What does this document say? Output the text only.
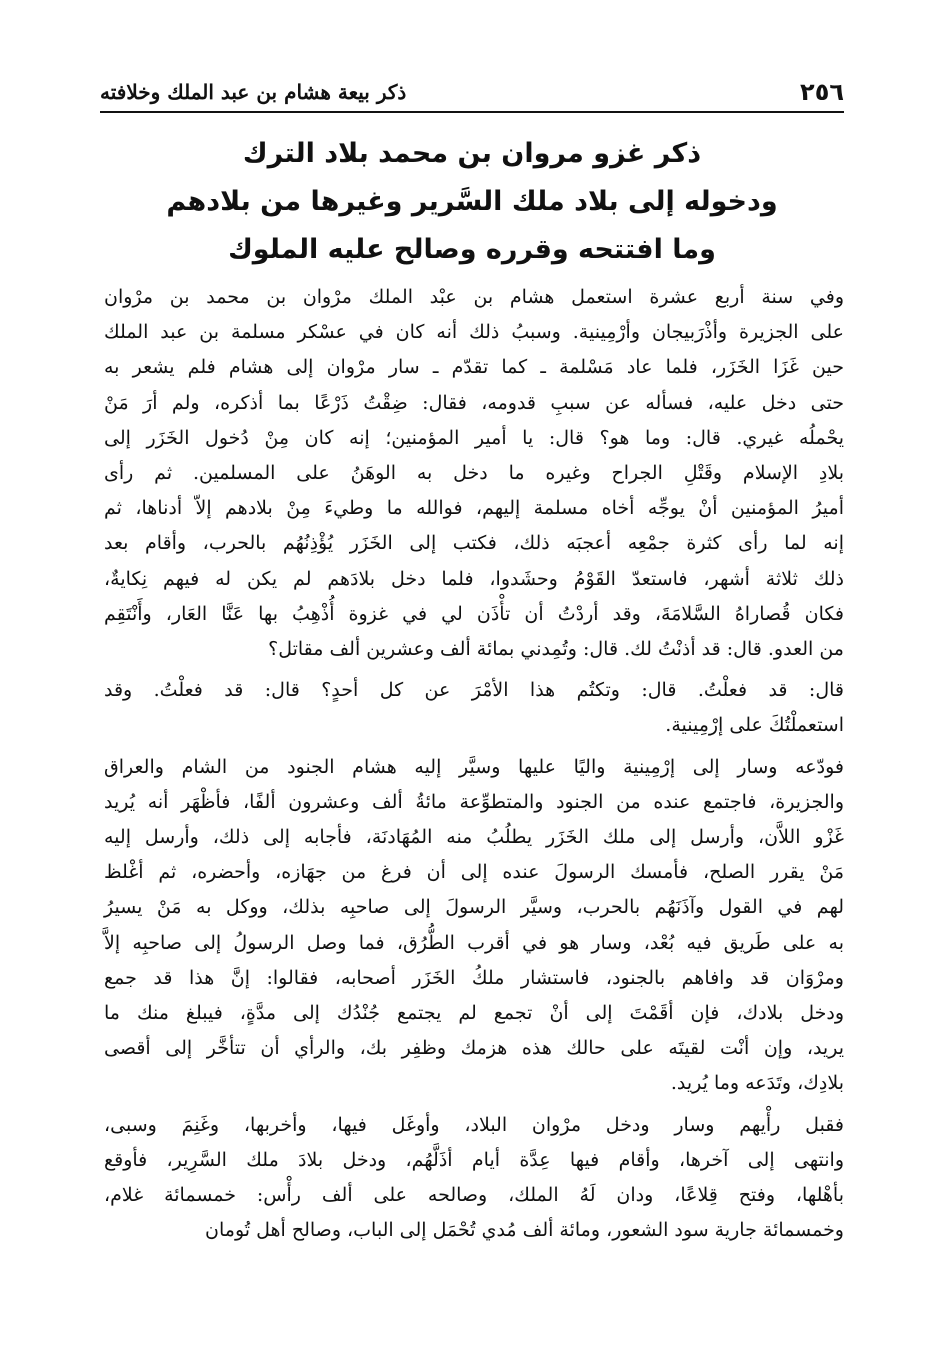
٢٥٦
ذكر بيعة هشام بن عبد الملك وخلافته
ذكر غزو مروان بن محمد بلاد الترك
ودخوله إلى بلاد ملك السَّرير وغيرها من بلادهم
وما افتتحه وقرره وصالح عليه الملوك
وفي سنة أربع عشرة استعمل هشام بن عبْد الملك مرْوان بن محمد بن مرْوان
على الجزيرة وأذْرَبيجان وأرْمِينية. وسببُ ذلك أنه كان في عسْكر مسلمة بن عبد الملك
حين غَزَا الخَزَر، فلما عاد مَسْلمة ـ كما تقدّم ـ سار مرْوان إلى هشام فلم يشعر به
حتى دخل عليه، فسأله عن سببِ قدومه، فقال: ضِقْتُ ذَرْعًا بما أذكره، ولم أرَ مَنْ
يحْملُه غيري. قال: وما هو؟ قال: يا أمير المؤمنين؛ إنه كان مِنْ دُخول الخَزَر إلى
بلادِ الإسلام وقَتْلِ الجراح وغيره ما دخل به الوهَنُ على المسلمين. ثم رأى
أميرُ المؤمنين أنْ يوجِّه أخاه مسلمة إليهم، فوالله ما وطيءَ مِنْ بلادهم إلاّ أدناها، ثم
إنه لما رأى كثرة جمْعِه أعجبَه ذلك، فكتب إلى الخَزَر يُؤْذِنُهُم بالحرب، وأقام بعد
ذلك ثلاثة أشهر، فاستعدّ القَوْمُ وحشَدوا، فلما دخل بلادَهم لم يكن له فيهم نِكايةٌ،
فكان قُصاراهُ السَّلامَةَ، وقد أردْتُ أن تأْذَن لي في غزوة أُذْهِبُ بها عَنَّا العَار، وأَنْتَقِم
من العدو. قال: قد أذنْتُ لك. قال: وتُمِدني بمائة ألف وعشرين ألف مقاتل؟
قال: قد فعلْتُ. قال: وتكتُم هذا الأمْرَ عن كل أحدٍ؟ قال: قد فعلْتُ. وقد
استعملْتُكَ على إرْمِينية.
فودّعه وسار إلى إرْمِينية واليًا عليها وسيَّر إليه هشام الجنود من الشام والعراق
والجزيرة، فاجتمع عنده من الجنود والمتطوِّعة مائةُ ألف وعشرون ألفًا، فأظْهَر أنه يُريد
غَزْو اللاَّن، وأرسل إلى ملك الخَزَر يطلُبُ منه المُهَادنَة، فأجابه إلى ذلك، وأرسل إليه
مَنْ يقرر الصلح، فأمسك الرسولَ عنده إلى أن فرغ من جهَازه، وأحضره، ثم أغْلظ
لهم في القول وآذَنَهُم بالحرب، وسيَّر الرسولَ إلى صاحبِه بذلك، ووكل به مَنْ يسيرُ
به على طَريق فيه بُعْد، وسار هو في أقرب الطُّرُق، فما وصل الرسولُ إلى صاحبِه إلاَّ
ومرْوَان قد وافاهم بالجنود، فاستشار ملكُ الخَزَر أصحابه، فقالوا: إنَّ هذا قد جمع
ودخل بلادك، فإن أقَمْتَ إلى أنْ تجمع لم يجتمع جُنْدُك إلى مدَّةٍ، فيبلغ منك ما
يريد، وإن أنْت لقيتَه على حالك هذه هزمك وظفِر بك، والرأي أن تتأخَّر إلى أقصى
بلادِك، وتَدَعه وما يُريد.
فقبل رأْيهم وسار ودخل مرْوان البلاد، وأوغَل فيها، وأخربها، وغَنِمَ وسبى،
وانتهى إلى آخرها، وأقام فيها عِدَّة أيام أذَلَّهُم، ودخل بلادَ ملك السَّرِير، فأوقع
بأهْلها، وفتح قِلاعًا، ودان لَهُ الملك، وصالحه على ألف رأْس: خمسمائة غلام،
وخمسمائة جارية سود الشعور، ومائة ألف مُدي تُحْمَل إلى الباب، وصالح أهل تُومان
